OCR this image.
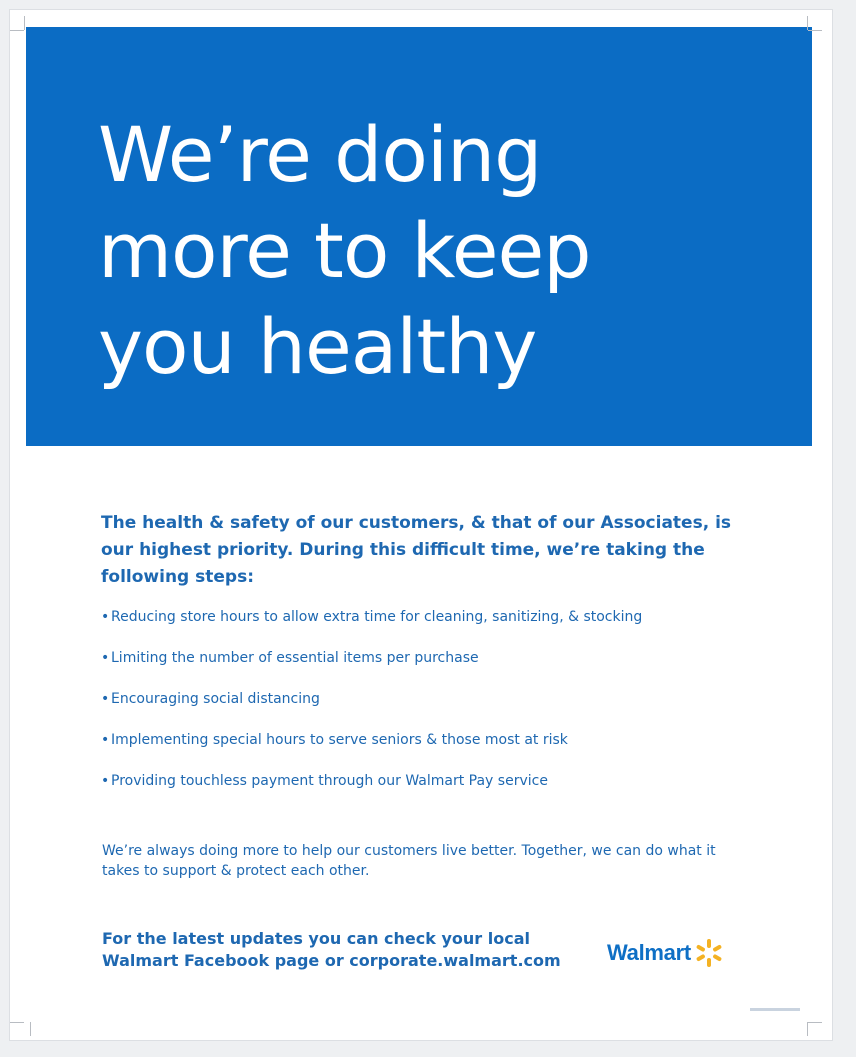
We’re doing
more to keep
you healthy

The health & safety of our customers, & that of our Associates, is our highest priority. During this difficult time, we’re taking the following steps:

• Reducing store hours to allow extra time for cleaning, sanitizing, & stocking
• Limiting the number of essential items per purchase
• Encouraging social distancing
• Implementing special hours to serve seniors & those most at risk
• Providing touchless payment through our Walmart Pay service

We’re always doing more to help our customers live better. Together, we can do what it takes to support & protect each other.

For the latest updates you can check your local
Walmart Facebook page or corporate.walmart.com Walmart
